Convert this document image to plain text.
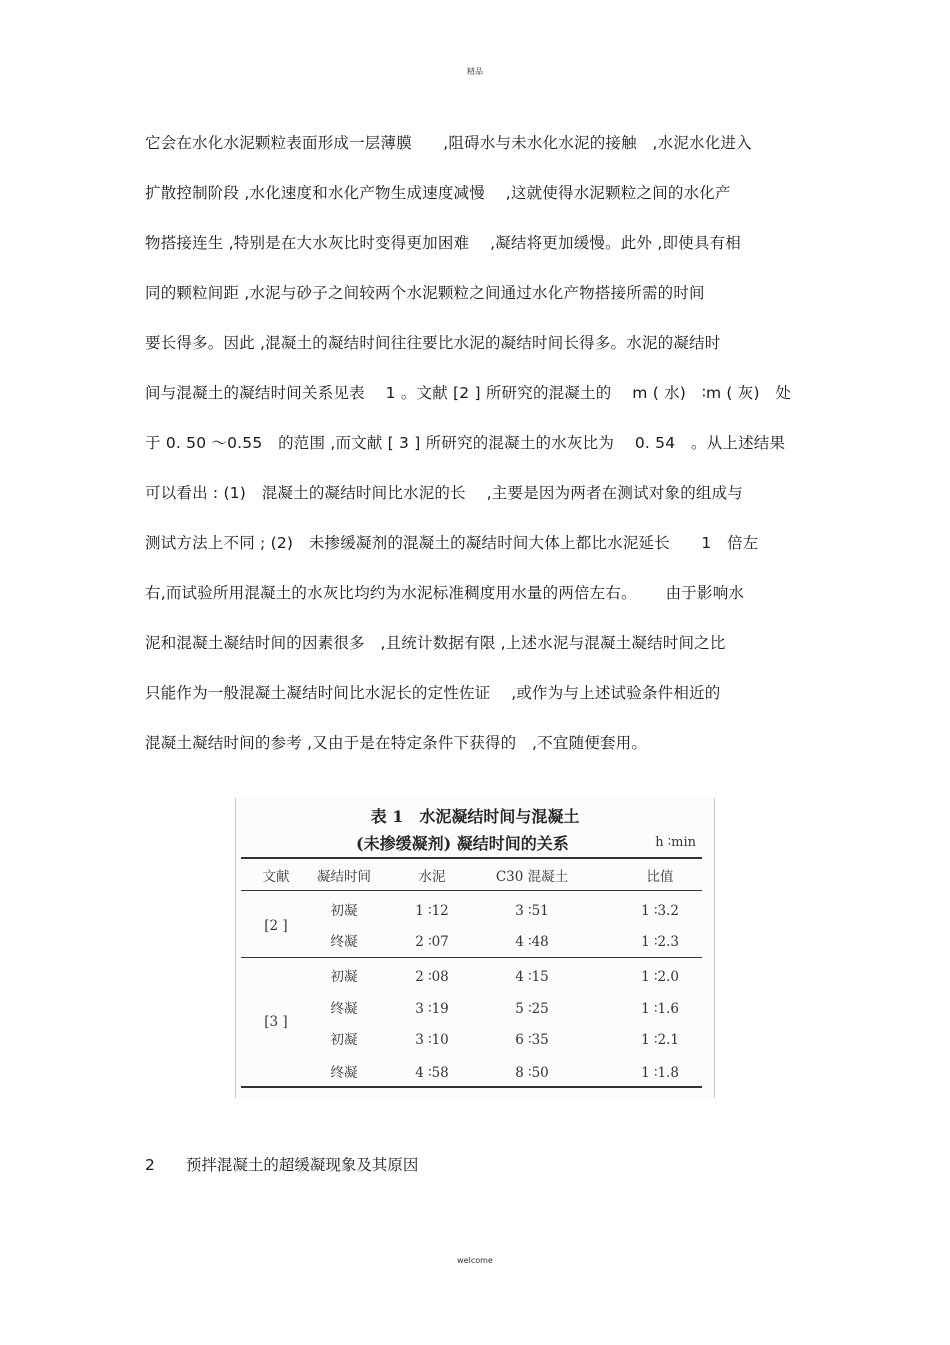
精品
它会在水化水泥颗粒表面形成一层薄膜　　,阻碍水与未水化水泥的接触　,水泥水化进入
扩散控制阶段 ,水化速度和水化产物生成速度减慢　 ,这就使得水泥颗粒之间的水化产
物搭接连生 ,特别是在大水灰比时变得更加困难　 ,凝结将更加缓慢。此外 ,即使具有相
同的颗粒间距 ,水泥与砂子之间较两个水泥颗粒之间通过水化产物搭接所需的时间
要长得多。因此 ,混凝土的凝结时间往往要比水泥的凝结时间长得多。水泥的凝结时
间与混凝土的凝结时间关系见表　 1 。文献 [2 ] 所研究的混凝土的　 m ( 水)　∶m ( 灰)　处
于 0. 50 ～0.55　的范围 ,而文献 [ 3 ] 所研究的混凝土的水灰比为　 0. 54　。从上述结果
可以看出 : (1)　混凝土的凝结时间比水泥的长　 ,主要是因为两者在测试对象的组成与
测试方法上不同 ; (2)　未掺缓凝剂的混凝土的凝结时间大体上都比水泥延长　　1　倍左
右,而试验所用混凝土的水灰比均约为水泥标准稠度用水量的两倍左右。　　 由于影响水
泥和混凝土凝结时间的因素很多　,且统计数据有限 ,上述水泥与混凝土凝结时间之比
只能作为一般混凝土凝结时间比水泥长的定性佐证　 ,或作为与上述试验条件相近的
混凝土凝结时间的参考 ,又由于是在特定条件下获得的　,不宜随便套用。
表 1　水泥凝结时间与混凝土
(未掺缓凝剂) 凝结时间的关系	h ∶min
文献	凝结时间	水泥	C30 混凝土	比值
[2 ]
初凝	1 ∶12	3 ∶51	1 ∶3.2
终凝	2 ∶07	4 ∶48	1 ∶2.3
[3 ]
初凝	2 ∶08	4 ∶15	1 ∶2.0
终凝	3 ∶19	5 ∶25	1 ∶1.6
初凝	3 ∶10	6 ∶35	1 ∶2.1
终凝	4 ∶58	8 ∶50	1 ∶1.8
2　　预拌混凝土的超缓凝现象及其原因
welcome
